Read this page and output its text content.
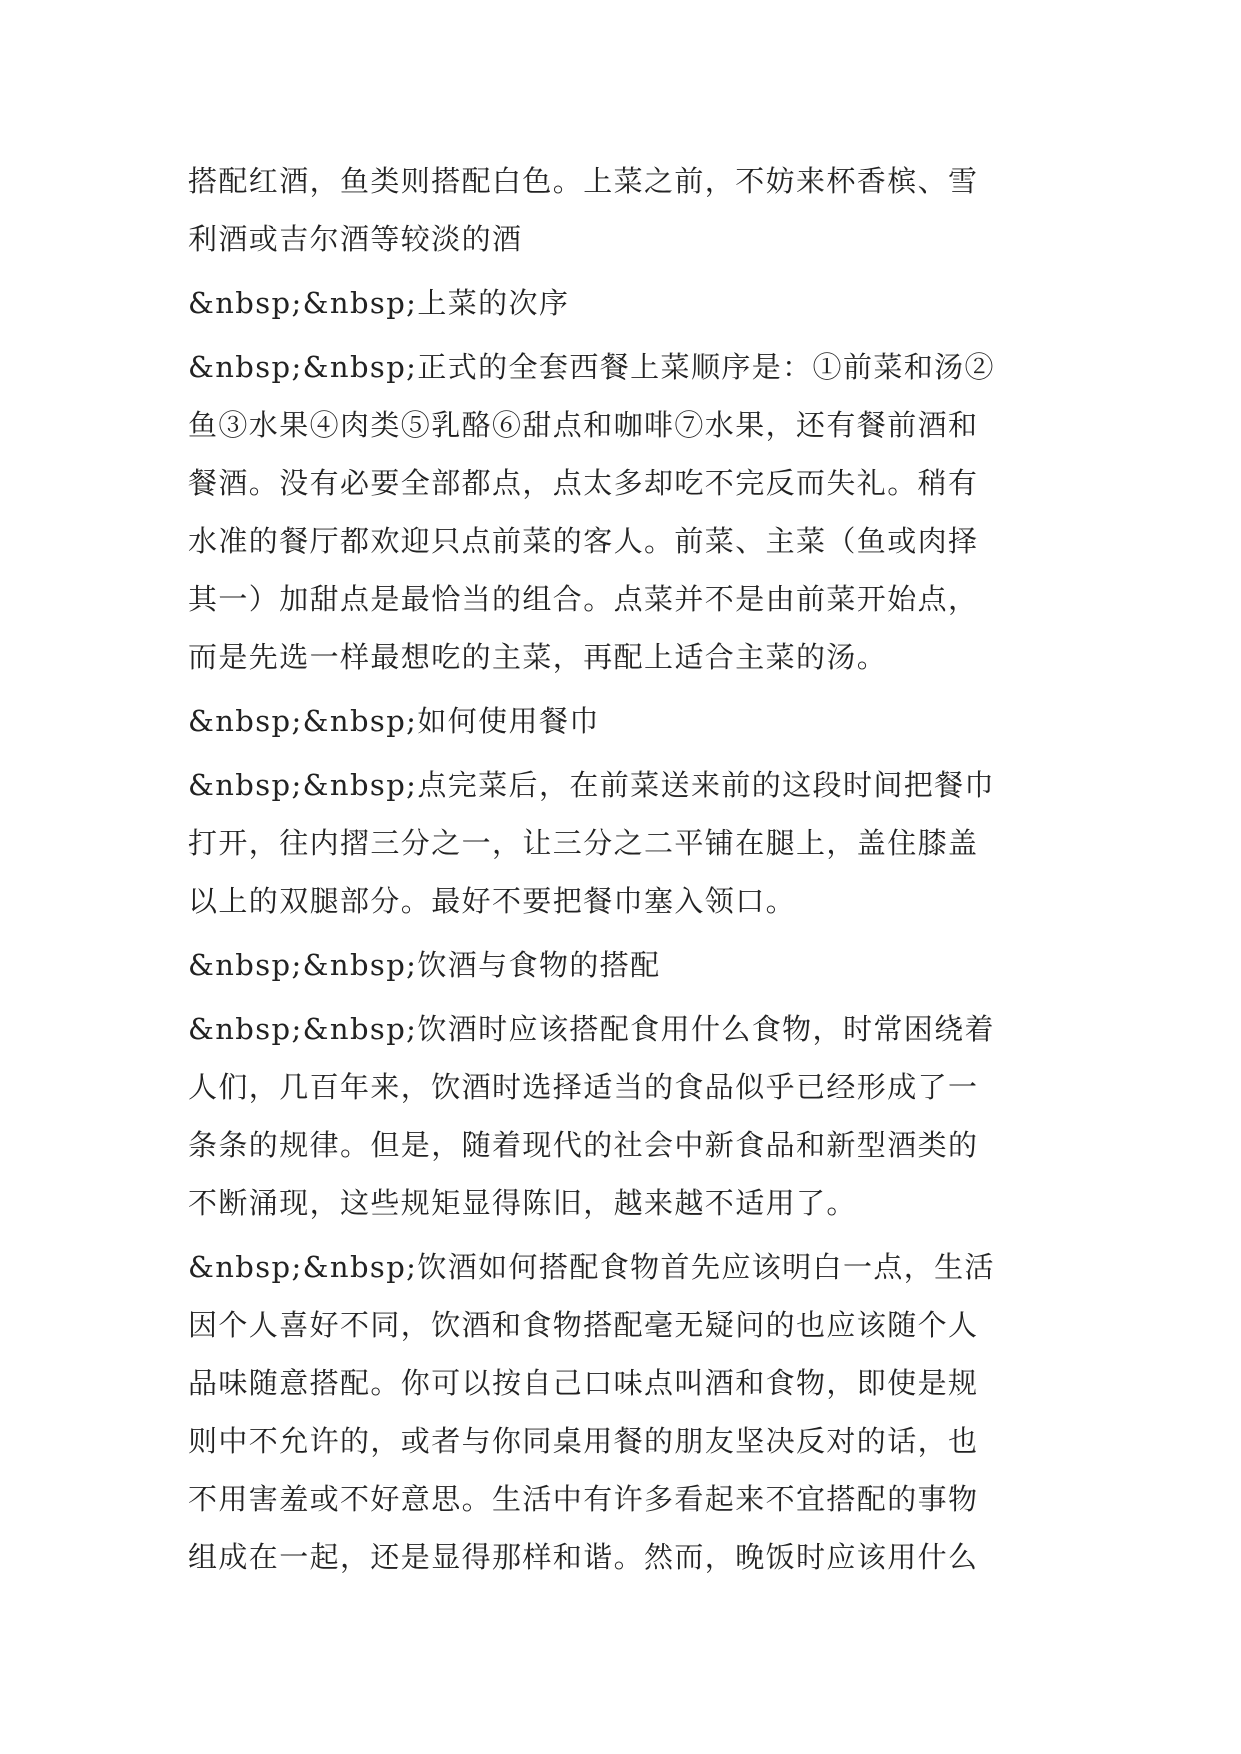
搭配红酒，鱼类则搭配白色。上菜之前，不妨来杯香槟、雪
利酒或吉尔酒等较淡的酒
&nbsp;&nbsp;上菜的次序
&nbsp;&nbsp;正式的全套西餐上菜顺序是：①前菜和汤②
鱼③水果④肉类⑤乳酪⑥甜点和咖啡⑦水果，还有餐前酒和
餐酒。没有必要全部都点，点太多却吃不完反而失礼。稍有
水准的餐厅都欢迎只点前菜的客人。前菜、主菜（鱼或肉择
其一）加甜点是最恰当的组合。点菜并不是由前菜开始点，
而是先选一样最想吃的主菜，再配上适合主菜的汤。
&nbsp;&nbsp;如何使用餐巾
&nbsp;&nbsp;点完菜后，在前菜送来前的这段时间把餐巾
打开，往内摺三分之一，让三分之二平铺在腿上，盖住膝盖
以上的双腿部分。最好不要把餐巾塞入领口。
&nbsp;&nbsp;饮酒与食物的搭配
&nbsp;&nbsp;饮酒时应该搭配食用什么食物，时常困绕着
人们，几百年来，饮酒时选择适当的食品似乎已经形成了一
条条的规律。但是，随着现代的社会中新食品和新型酒类的
不断涌现，这些规矩显得陈旧，越来越不适用了。
&nbsp;&nbsp;饮酒如何搭配食物首先应该明白一点，生活
因个人喜好不同，饮酒和食物搭配毫无疑问的也应该随个人
品味随意搭配。你可以按自己口味点叫酒和食物，即使是规
则中不允许的，或者与你同桌用餐的朋友坚决反对的话，也
不用害羞或不好意思。生活中有许多看起来不宜搭配的事物
组成在一起，还是显得那样和谐。然而，晚饭时应该用什么
